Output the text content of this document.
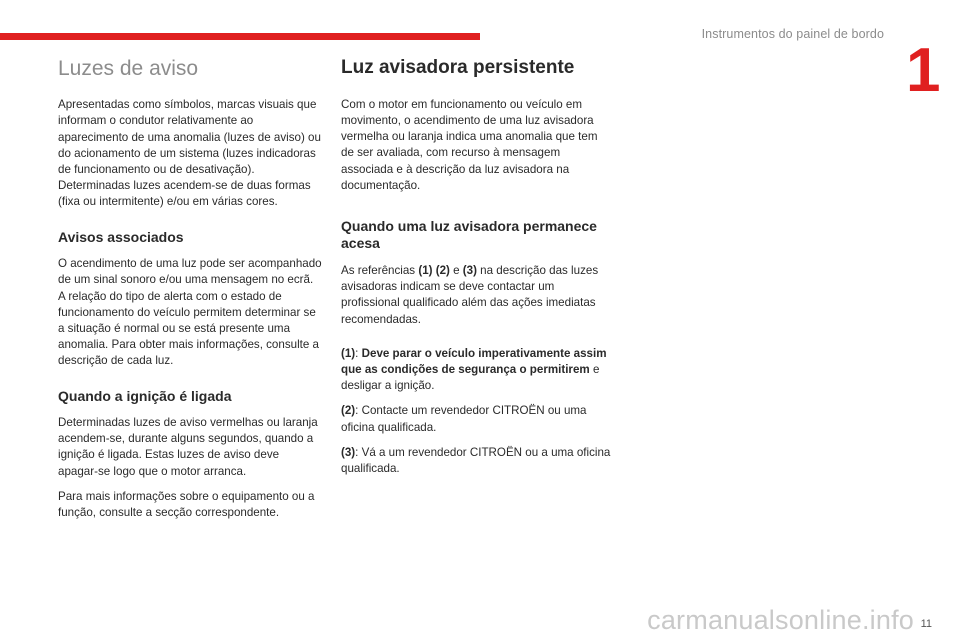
Instrumentos do painel de bordo
1
Luzes de aviso

Apresentadas como símbolos, marcas visuais que informam o condutor relativamente ao aparecimento de uma anomalia (luzes de aviso) ou do acionamento de um sistema (luzes indicadoras de funcionamento ou de desativação). Determinadas luzes acendem-se de duas formas (fixa ou intermitente) e/ou em várias cores.

Avisos associados

O acendimento de uma luz pode ser acompanhado de um sinal sonoro e/ou uma mensagem no ecrã.
A relação do tipo de alerta com o estado de funcionamento do veículo permitem determinar se a situação é normal ou se está presente uma anomalia. Para obter mais informações, consulte a descrição de cada luz.

Quando a ignição é ligada

Determinadas luzes de aviso vermelhas ou laranja acendem-se, durante alguns segundos, quando a ignição é ligada. Estas luzes de aviso deve apagar-se logo que o motor arranca.

Para mais informações sobre o equipamento ou a função, consulte a secção correspondente.

Luz avisadora persistente

Com o motor em funcionamento ou veículo em movimento, o acendimento de uma luz avisadora vermelha ou laranja indica uma anomalia que tem de ser avaliada, com recurso à mensagem associada e à descrição da luz avisadora na documentação.

Quando uma luz avisadora permanece acesa

As referências (1) (2) e (3) na descrição das luzes avisadoras indicam se deve contactar um profissional qualificado além das ações imediatas recomendadas.

(1): Deve parar o veículo imperativamente assim que as condições de segurança o permitirem e desligar a ignição.

(2): Contacte um revendedor CITROËN ou uma oficina qualificada.

(3): Vá a um revendedor CITROËN ou a uma oficina qualificada.

carmanualsonline.info 11
